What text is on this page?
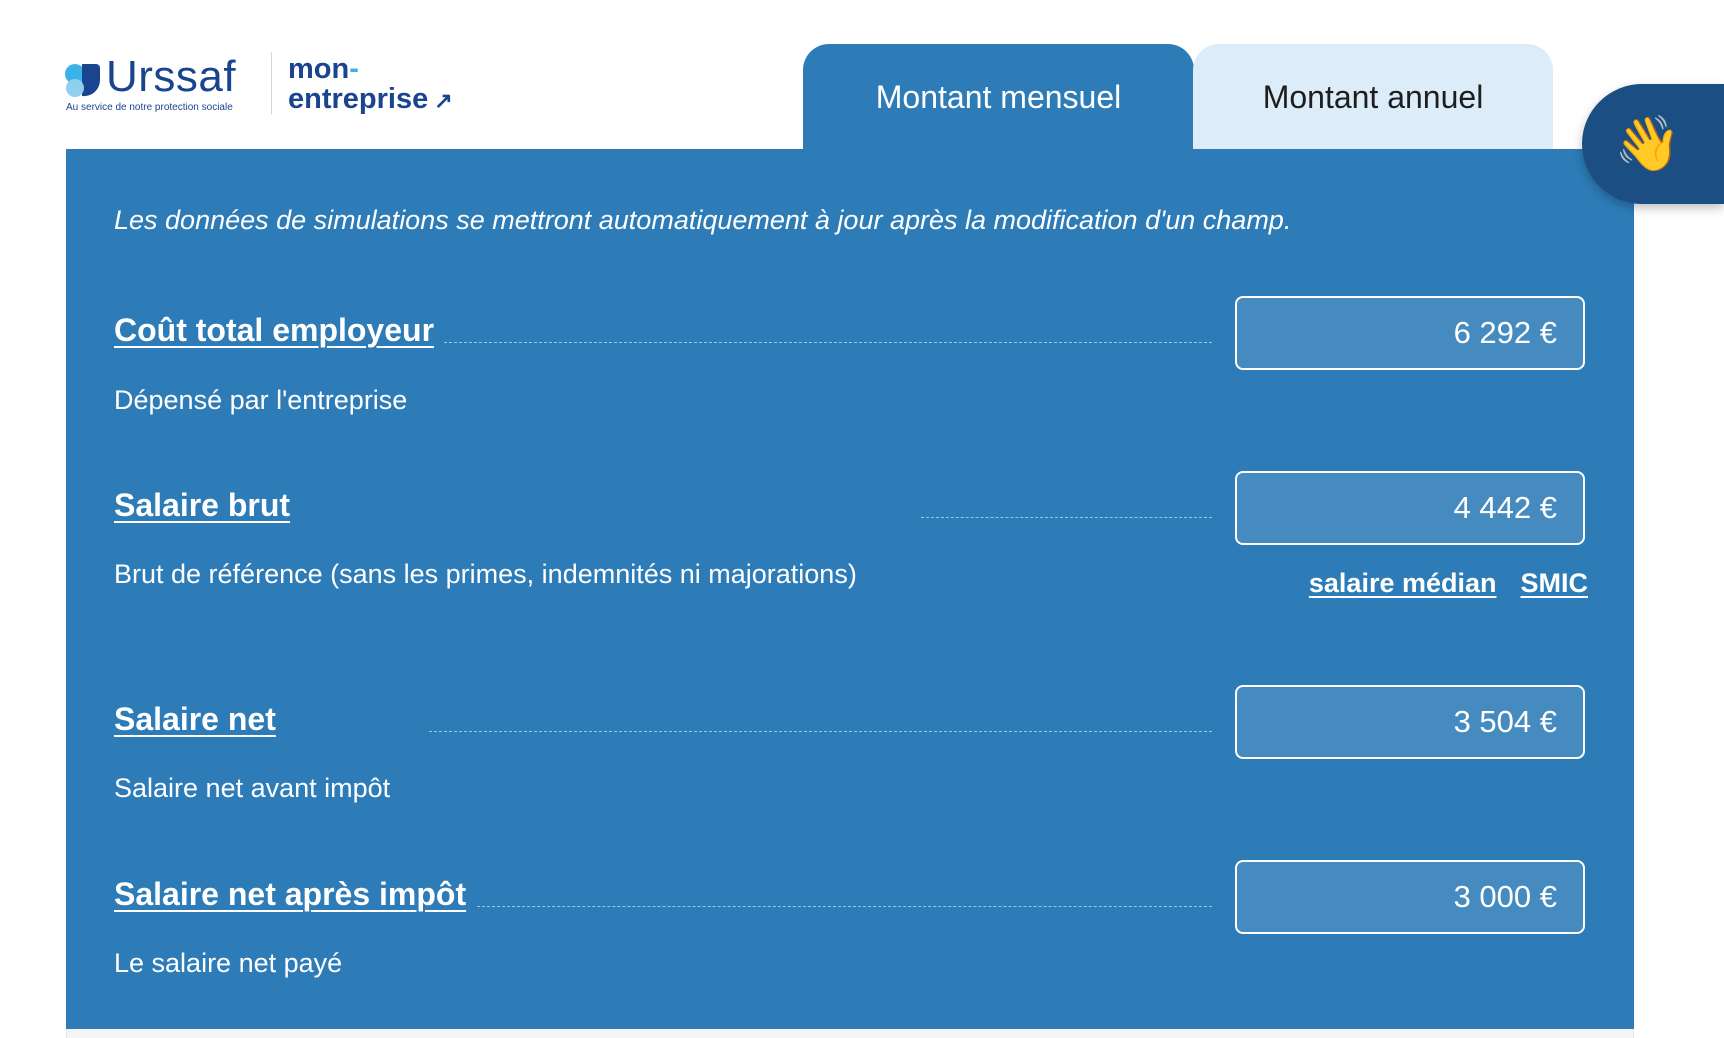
Urssaf
Au service de notre protection sociale
mon-
entreprise ↗	Montant mensuel	Montant annuel
Les données de simulations se mettront automatiquement à jour après la modification d'un champ.
Coût total employeur
Dépensé par l'entreprise
6 292 €
Salaire brut
Brut de référence (sans les primes, indemnités ni majorations)
4 442 €
salaire médian SMIC
Salaire net
Salaire net avant impôt
3 504 €
Salaire net après impôt
Le salaire net payé
3 000 €
👋
